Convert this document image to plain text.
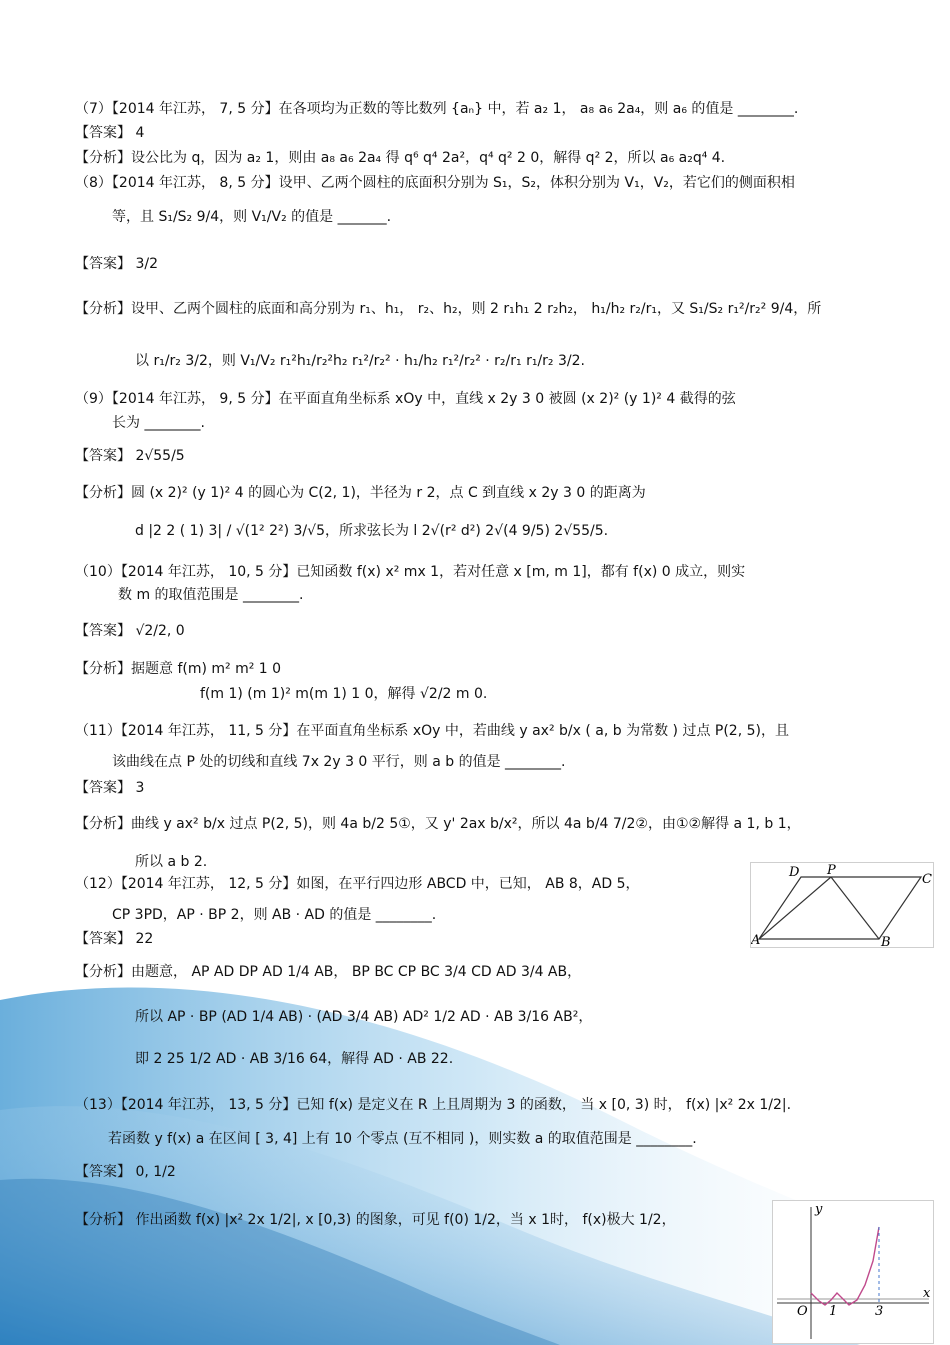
（7）【2014 年江苏， 7, 5 分】在各项均为正数的等比数列 {aₙ} 中，若 a₂ 1， a₈ a₆ 2a₄，则 a₆ 的值是 ________.
【答案】 4
【分析】设公比为 q，因为 a₂ 1，则由 a₈ a₆ 2a₄ 得 q⁶ q⁴ 2a²，q⁴ q² 2 0，解得 q² 2，所以 a₆ a₂q⁴ 4.
（8）【2014 年江苏， 8, 5 分】设甲、乙两个圆柱的底面积分别为 S₁，S₂，体积分别为 V₁，V₂，若它们的侧面积相
等，且 S₁/S₂ 9/4，则 V₁/V₂ 的值是 _______.
【答案】 3/2
【分析】设甲、乙两个圆柱的底面和高分别为 r₁、h₁， r₂、h₂，则 2 r₁h₁ 2 r₂h₂， h₁/h₂ r₂/r₁，又 S₁/S₂ r₁²/r₂² 9/4，所
以 r₁/r₂ 3/2，则 V₁/V₂ r₁²h₁/r₂²h₂ r₁²/r₂² · h₁/h₂ r₁²/r₂² · r₂/r₁ r₁/r₂ 3/2.
（9）【2014 年江苏， 9, 5 分】在平面直角坐标系 xOy 中，直线 x 2y 3 0 被圆 (x 2)² (y 1)² 4 截得的弦
长为 ________.
【答案】 2√55/5
【分析】圆 (x 2)² (y 1)² 4 的圆心为 C(2, 1)，半径为 r 2，点 C 到直线 x 2y 3 0 的距离为
d |2 2 ( 1) 3| / √(1² 2²) 3/√5，所求弦长为 l 2√(r² d²) 2√(4 9/5) 2√55/5.
（10）【2014 年江苏， 10, 5 分】已知函数 f(x) x² mx 1，若对任意 x [m, m 1]，都有 f(x) 0 成立，则实
数 m 的取值范围是 ________.
【答案】 √2/2, 0
【分析】据题意 f(m) m² m² 1 0
f(m 1) (m 1)² m(m 1) 1 0，解得 √2/2 m 0.
（11）【2014 年江苏， 11, 5 分】在平面直角坐标系 xOy 中，若曲线 y ax² b/x ( a, b 为常数 ) 过点 P(2, 5)，且
该曲线在点 P 处的切线和直线 7x 2y 3 0 平行，则 a b 的值是 ________.
【答案】 3
【分析】曲线 y ax² b/x 过点 P(2, 5)，则 4a b/2 5①，又 y' 2ax b/x²，所以 4a b/4 7/2②，由①②解得 a 1, b 1，
所以 a b 2.
（12）【2014 年江苏， 12, 5 分】如图，在平行四边形 ABCD 中，已知， AB 8，AD 5，
CP 3PD，AP · BP 2，则 AB · AD 的值是 ________.
【答案】 22
【分析】由题意， AP AD DP AD 1/4 AB， BP BC CP BC 3/4 CD AD 3/4 AB，
所以 AP · BP (AD 1/4 AB) · (AD 3/4 AB) AD² 1/2 AD · AB 3/16 AB²，
即 2 25 1/2 AD · AB 3/16 64，解得 AD · AB 22.
（13）【2014 年江苏， 13, 5 分】已知 f(x) 是定义在 R 上且周期为 3 的函数， 当 x [0, 3) 时， f(x) |x² 2x 1/2|.
若函数 y f(x) a 在区间 [ 3, 4] 上有 10 个零点 (互不相同 )，则实数 a 的取值范围是 ________.
【答案】 0, 1/2
【分析】 作出函数 f(x) |x² 2x 1/2|, x [0,3) 的图象，可见 f(0) 1/2，当 x 1时， f(x)极大 1/2，
D P
C
A	B
y
x
O 1	3
